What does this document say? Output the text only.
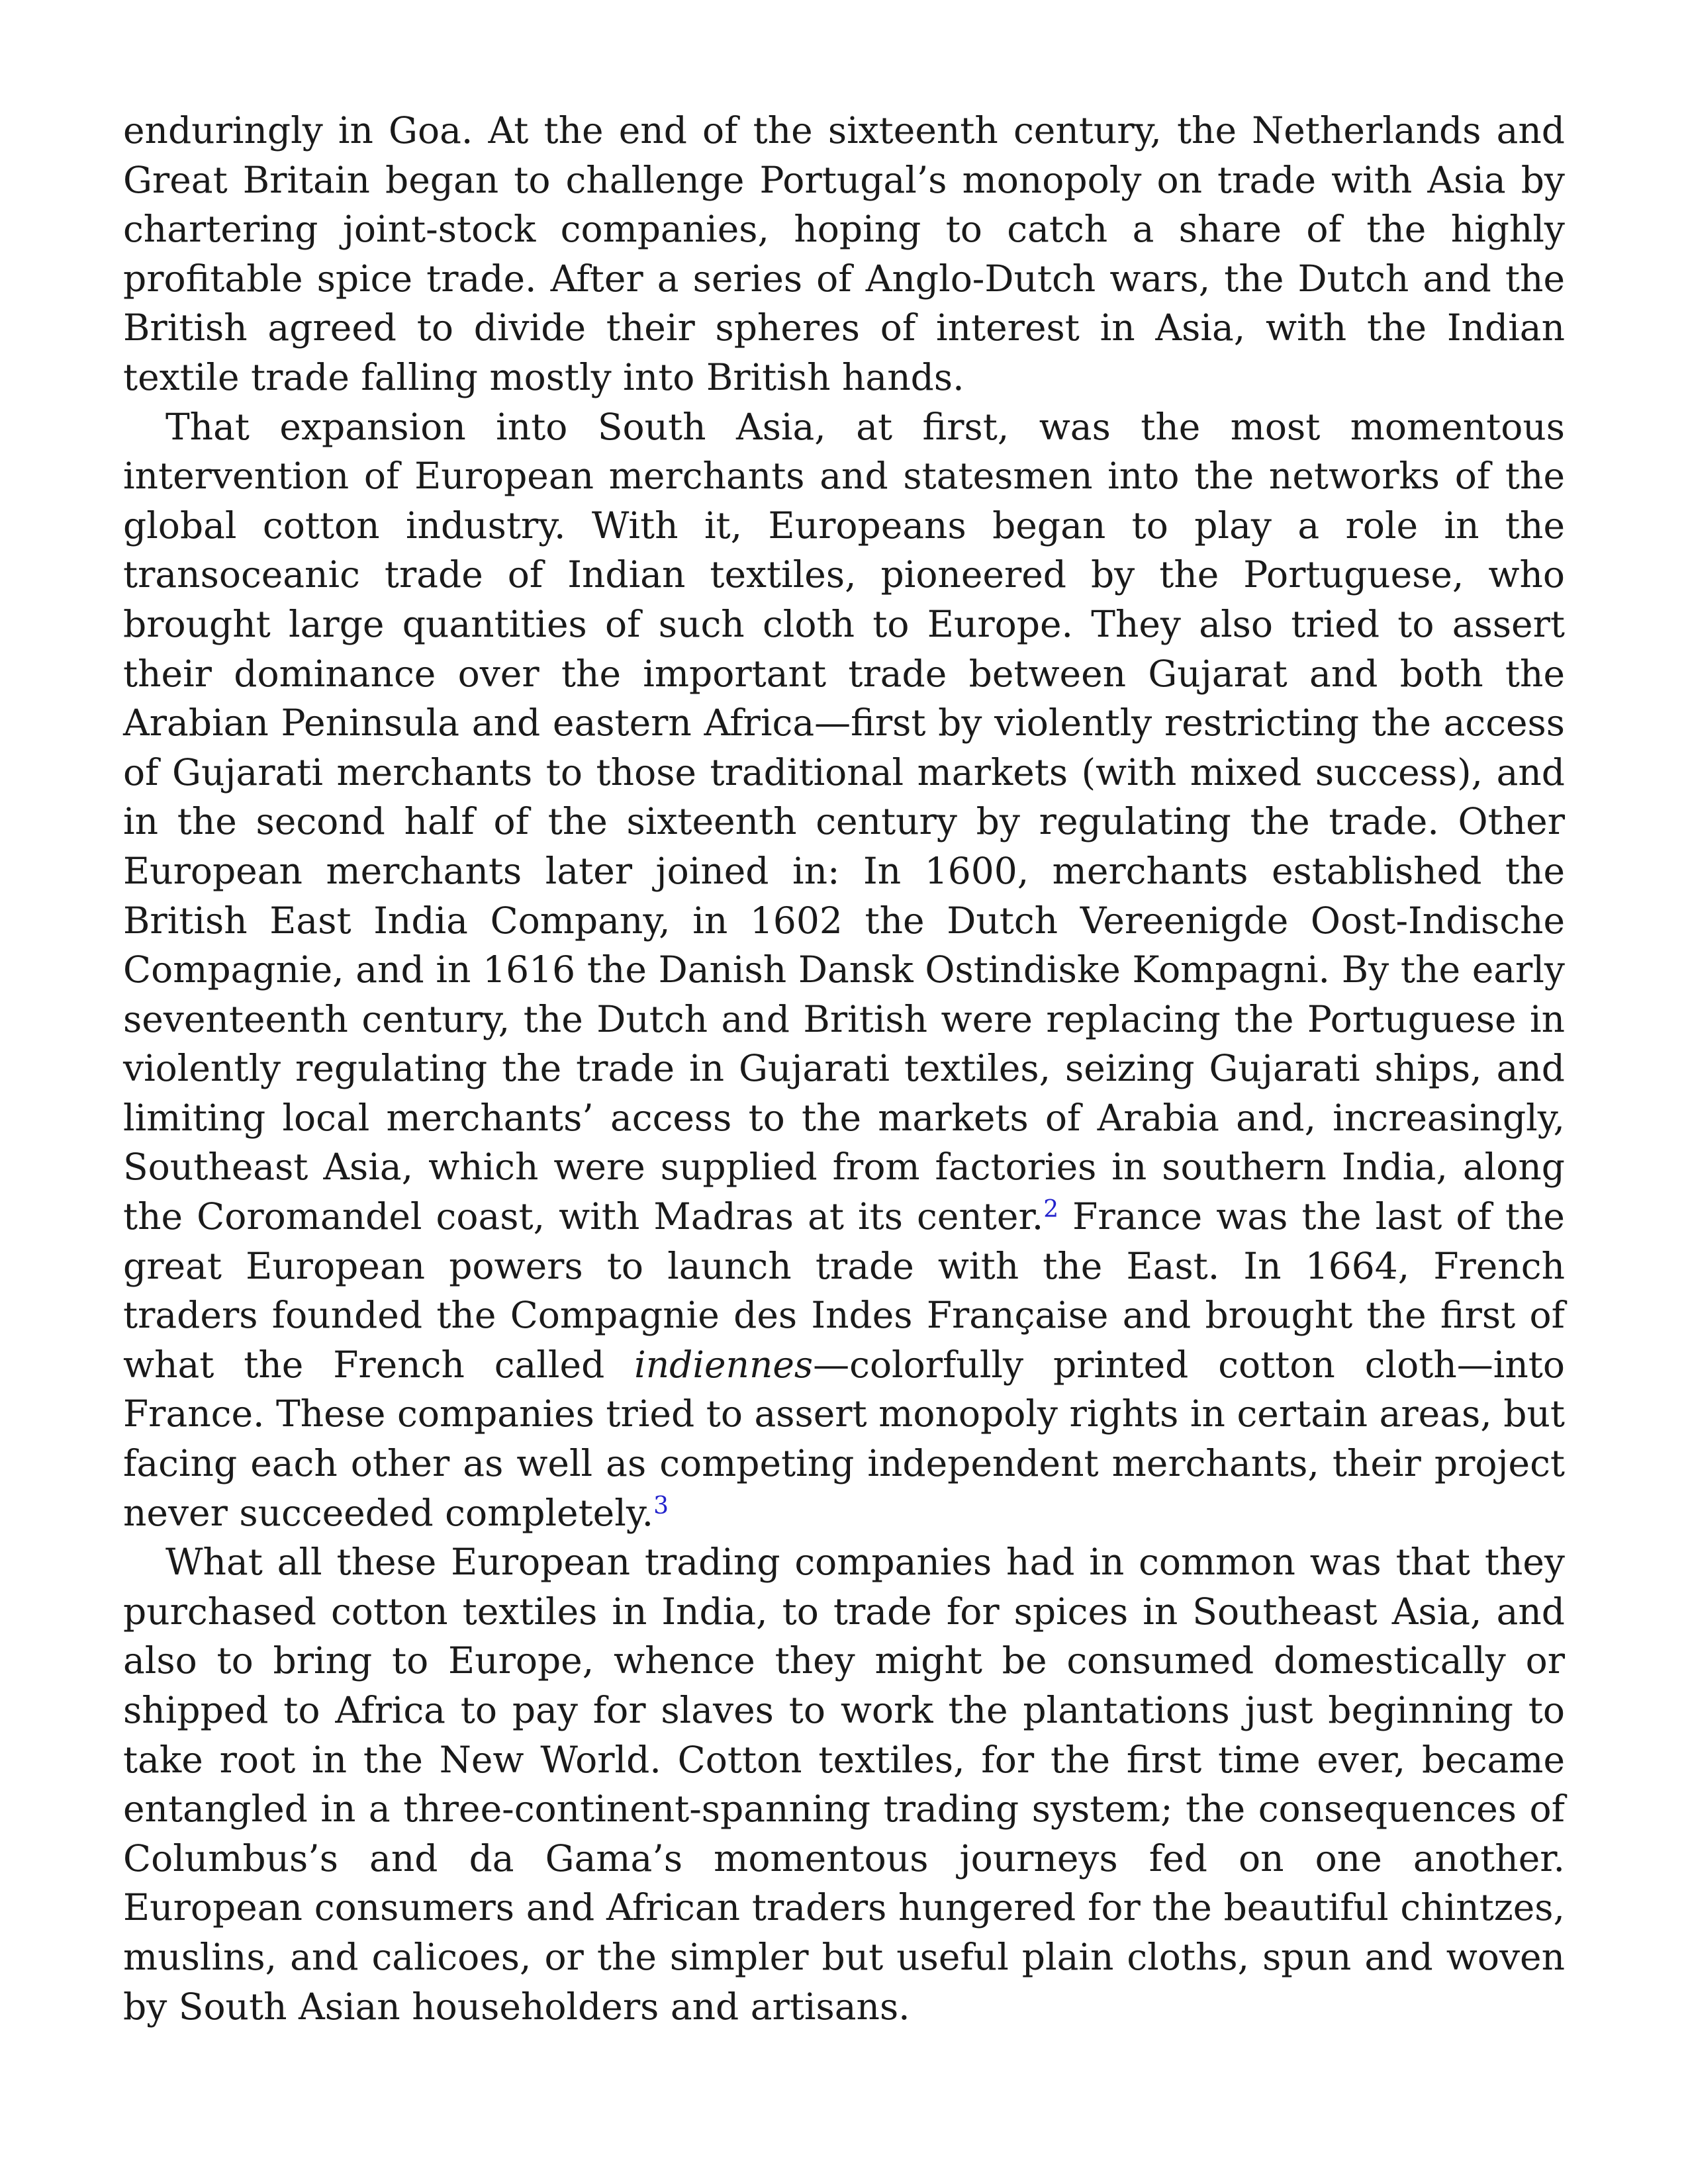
enduringly in Goa. At the end of the sixteenth century, the Netherlands and Great Britain began to challenge Portugal’s monopoly on trade with Asia by chartering joint-stock companies, hoping to catch a share of the highly profitable spice trade. After a series of Anglo-Dutch wars, the Dutch and the British agreed to divide their spheres of interest in Asia, with the Indian textile trade falling mostly into British hands.

That expansion into South Asia, at first, was the most momentous intervention of European merchants and statesmen into the networks of the global cotton industry. With it, Europeans began to play a role in the transoceanic trade of Indian textiles, pioneered by the Portuguese, who brought large quantities of such cloth to Europe. They also tried to assert their dominance over the important trade between Gujarat and both the Arabian Peninsula and eastern Africa—first by violently restricting the access of Gujarati merchants to those traditional markets (with mixed success), and in the second half of the sixteenth century by regulating the trade. Other European merchants later joined in: In 1600, merchants established the British East India Company, in 1602 the Dutch Vereenigde Oost-Indische Compagnie, and in 1616 the Danish Dansk Ostindiske Kompagni. By the early seventeenth century, the Dutch and British were replacing the Portuguese in violently regulating the trade in Gujarati textiles, seizing Gujarati ships, and limiting local merchants’ access to the markets of Arabia and, increasingly, Southeast Asia, which were supplied from factories in southern India, along the Coromandel coast, with Madras at its center.$^2$ France was the last of the great European powers to launch trade with the East. In 1664, French traders founded the Compagnie des Indes Française and brought the first of what the French called indiennes—colorfully printed cotton cloth—into France. These companies tried to assert monopoly rights in certain areas, but facing each other as well as competing independent merchants, their project never succeeded completely.$^3$

What all these European trading companies had in common was that they purchased cotton textiles in India, to trade for spices in Southeast Asia, and also to bring to Europe, whence they might be consumed domestically or shipped to Africa to pay for slaves to work the plantations just beginning to take root in the New World. Cotton textiles, for the first time ever, became entangled in a three-continent-spanning trading system; the consequences of Columbus’s and da Gama’s momentous journeys fed on one another. European consumers and African traders hungered for the beautiful chintzes, muslins, and calicoes, or the simpler but useful plain cloths, spun and woven by South Asian householders and artisans.
